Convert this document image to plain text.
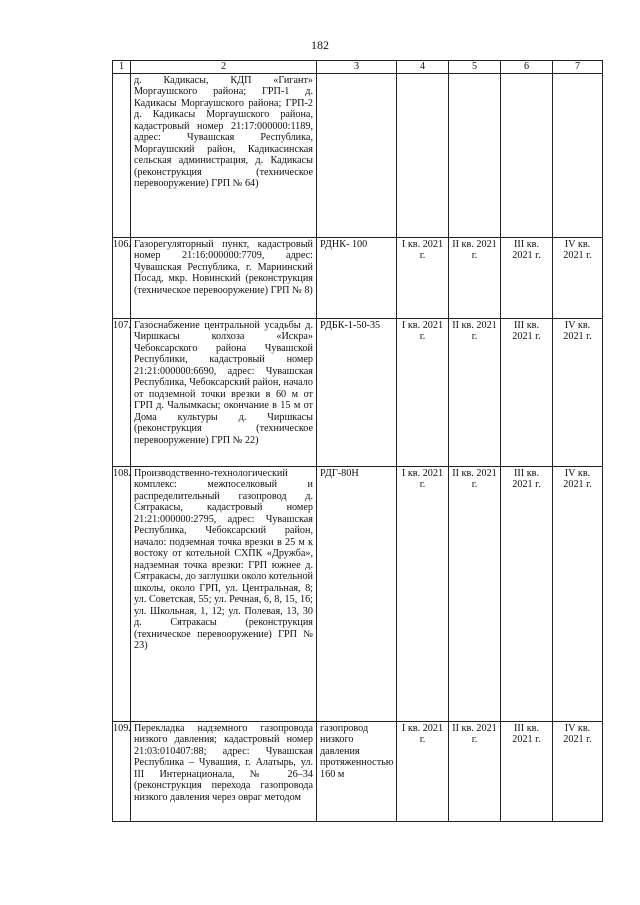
182
1	2	3	4	5	6	7
	д. Кадикасы, КДП «Гигант» Моргаушского района; ГРП-1 д. Кадикасы Моргаушского района; ГРП-2 д. Кадикасы Моргаушского района, кадастровый номер 21:17:000000:1189, адрес: Чувашская Республика, Моргаушский район, Кадикасинская сельская администрация, д. Кадикасы (реконструкция (техническое перевооружение) ГРП № 64)					
106.	Газорегуляторный пункт, кадастровый номер 21:16:000000:7709, адрес: Чувашская Республика, г. Мариинский Посад, мкр. Новинский (реконструкция (техническое перевооружение) ГРП № 8)	РДНК- 100	I кв. 2021 г.	II кв. 2021 г.	III кв. 2021 г.	IV кв. 2021 г.
107.	Газоснабжение центральной усадьбы д. Чиршкасы колхоза «Искра» Чебоксарского района Чувашской Республики, кадастровый номер 21:21:000000:6690, адрес: Чувашская Республика, Чебоксарский район, начало от подземной точки врезки в 60 м от ГРП д. Чалымкасы; окончание в 15 м от Дома культуры д. Чиршкасы (реконструкция (техническое перевооружение) ГРП № 22)	РДБК-1-50-35	I кв. 2021 г.	II кв. 2021 г.	III кв. 2021 г.	IV кв. 2021 г.
108.	Производственно-технологический комплекс: межпоселковый и распределительный газопровод д. Сятракасы, кадастровый номер 21:21:000000:2795, адрес: Чувашская Республика, Чебоксарский район, начало: подземная точка врезки в 25 м к востоку от котельной СХПК «Дружба», надземная точка врезки: ГРП южнее д. Сятракасы, до заглушки около котельной школы, около ГРП, ул. Центральная, 8; ул. Советская, 55; ул. Речная, 6, 8, 15, 16; ул. Школьная, 1, 12; ул. Полевая, 13, 30 д. Сятракасы (реконструкция (техническое перевооружение) ГРП № 23)	РДГ-80Н	I кв. 2021 г.	II кв. 2021 г.	III кв. 2021 г.	IV кв. 2021 г.
109.	Перекладка надземного газопровода низкого давления; кадастровый номер 21:03:010407:88; адрес: Чувашская Республика – Чувашия, г. Алатырь, ул. III Интернационала, № 26–34 (реконструкция перехода газопровода низкого давления через овраг методом	газопровод низкого давления протяженностью 160 м	I кв. 2021 г.	II кв. 2021 г.	III кв. 2021 г.	IV кв. 2021 г.
